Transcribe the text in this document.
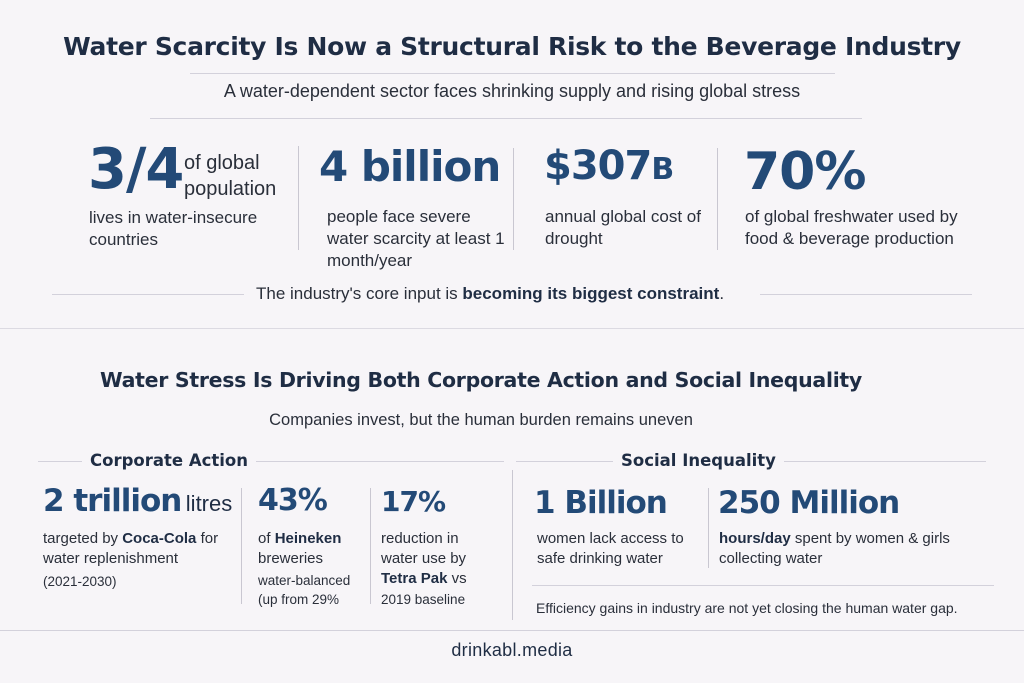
Water Scarcity Is Now a Structural Risk to the Beverage Industry
A water-dependent sector faces shrinking supply and rising global stress
3/4 of global population
lives in water-insecure countries
4 billion
people face severe water scarcity at least 1 month/year
$307B
annual global cost of drought
70%
of global freshwater used by food & beverage production
The industry's core input is becoming its biggest constraint.
Water Stress Is Driving Both Corporate Action and Social Inequality
Companies invest, but the human burden remains uneven
Corporate Action	Social Inequality
2 trillion litres
targeted by Coca-Cola for water replenishment
(2021-2030)
43%
of Heineken breweries
water-balanced (up from 29%
17%
reduction in water use by Tetra Pak vs
2019 baseline
1 Billion
women lack access to safe drinking water
250 Million
hours/day spent by women & girls collecting water
Efficiency gains in industry are not yet closing the human water gap.
drinkabl.media
